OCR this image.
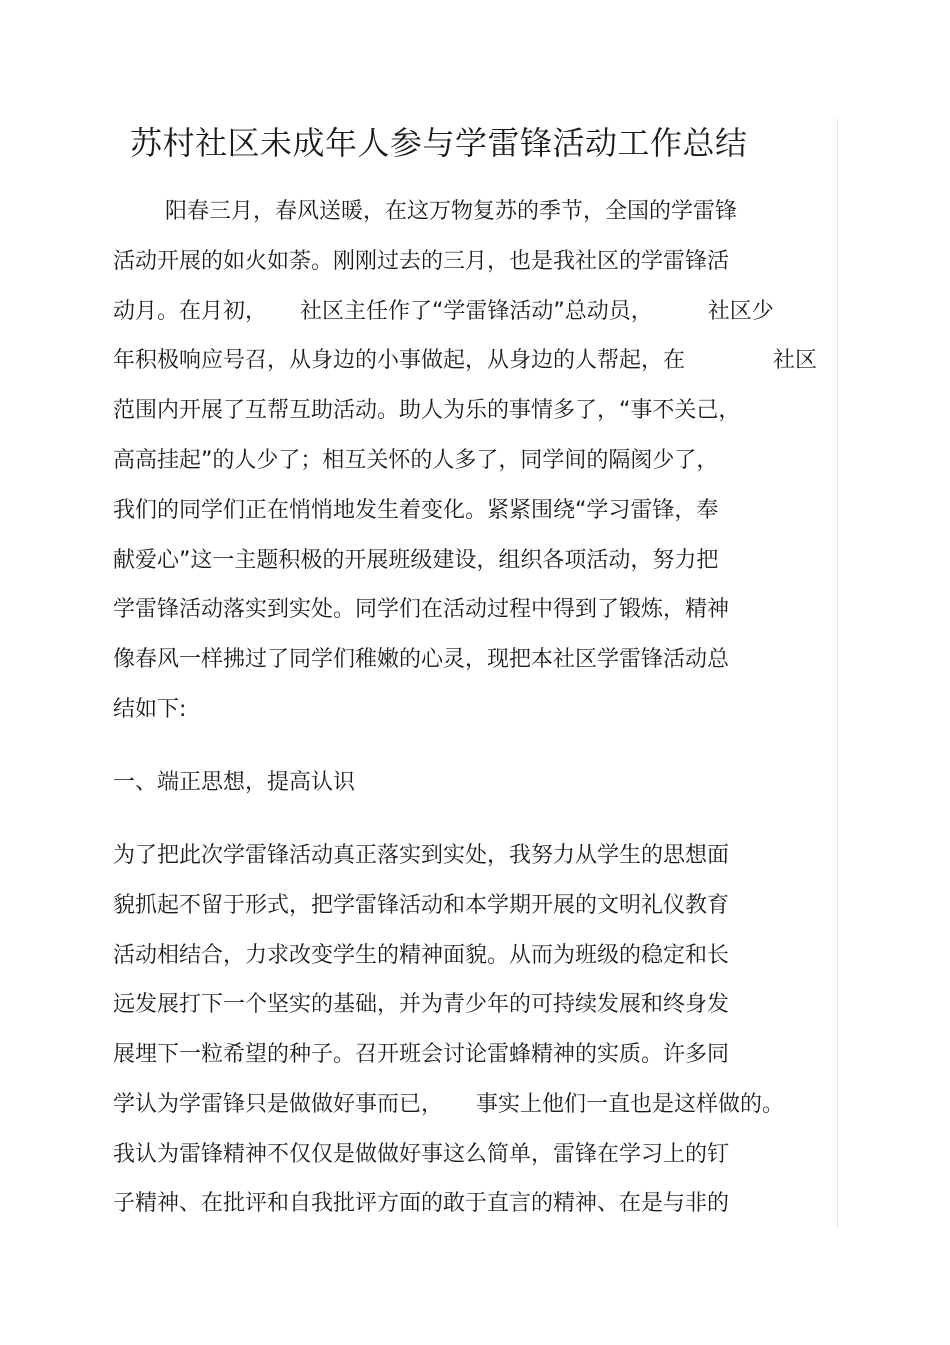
苏村社区未成年人参与学雷锋活动工作总结
阳春三月，春风送暖，在这万物复苏的季节，全国的学雷锋
活动开展的如火如荼。刚刚过去的三月，也是我社区的学雷锋活
动月。在月初，　　社区主任作了“学雷锋活动”总动员，　　　社区少
年积极响应号召，从身边的小事做起，从身边的人帮起，在　　　　社区
范围内开展了互帮互助活动。助人为乐的事情多了，“事不关己，
高高挂起”的人少了；相互关怀的人多了，同学间的隔阂少了，
我们的同学们正在悄悄地发生着变化。紧紧围绕“学习雷锋，奉
献爱心”这一主题积极的开展班级建设，组织各项活动，努力把
学雷锋活动落实到实处。同学们在活动过程中得到了锻炼，精神
像春风一样拂过了同学们稚嫩的心灵，现把本社区学雷锋活动总
结如下:
一、端正思想，提高认识
为了把此次学雷锋活动真正落实到实处，我努力从学生的思想面
貌抓起不留于形式，把学雷锋活动和本学期开展的文明礼仪教育
活动相结合，力求改变学生的精神面貌。从而为班级的稳定和长
远发展打下一个坚实的基础，并为青少年的可持续发展和终身发
展埋下一粒希望的种子。召开班会讨论雷蜂精神的实质。许多同
学认为学雷锋只是做做好事而已，　　事实上他们一直也是这样做的。
我认为雷锋精神不仅仅是做做好事这么简单，雷锋在学习上的钉
子精神、在批评和自我批评方面的敢于直言的精神、在是与非的
